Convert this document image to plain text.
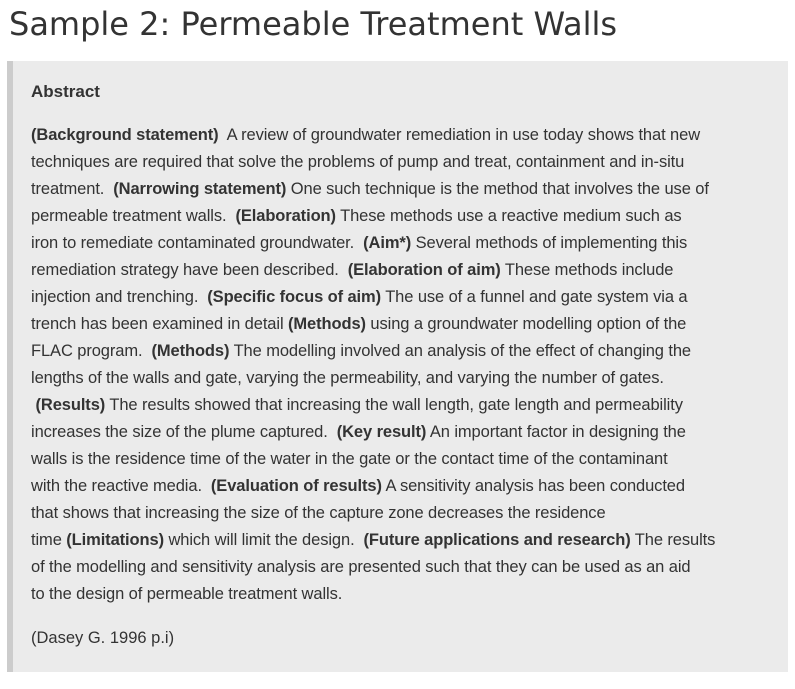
Sample 2: Permeable Treatment Walls
Abstract
(Background statement)  A review of groundwater remediation in use today shows that new
techniques are required that solve the problems of pump and treat, containment and in-situ
treatment.  (Narrowing statement) One such technique is the method that involves the use of
permeable treatment walls.  (Elaboration) These methods use a reactive medium such as
iron to remediate contaminated groundwater.  (Aim*) Several methods of implementing this
remediation strategy have been described.  (Elaboration of aim) These methods include
injection and trenching.  (Specific focus of aim) The use of a funnel and gate system via a
trench has been examined in detail (Methods) using a groundwater modelling option of the
FLAC program.  (Methods) The modelling involved an analysis of the effect of changing the
lengths of the walls and gate, varying the permeability, and varying the number of gates.
(Results) The results showed that increasing the wall length, gate length and permeability
increases the size of the plume captured.  (Key result) An important factor in designing the
walls is the residence time of the water in the gate or the contact time of the contaminant
with the reactive media.  (Evaluation of results) A sensitivity analysis has been conducted
that shows that increasing the size of the capture zone decreases the residence
time (Limitations) which will limit the design.  (Future applications and research) The results
of the modelling and sensitivity analysis are presented such that they can be used as an aid
to the design of permeable treatment walls.
(Dasey G. 1996 p.i)
